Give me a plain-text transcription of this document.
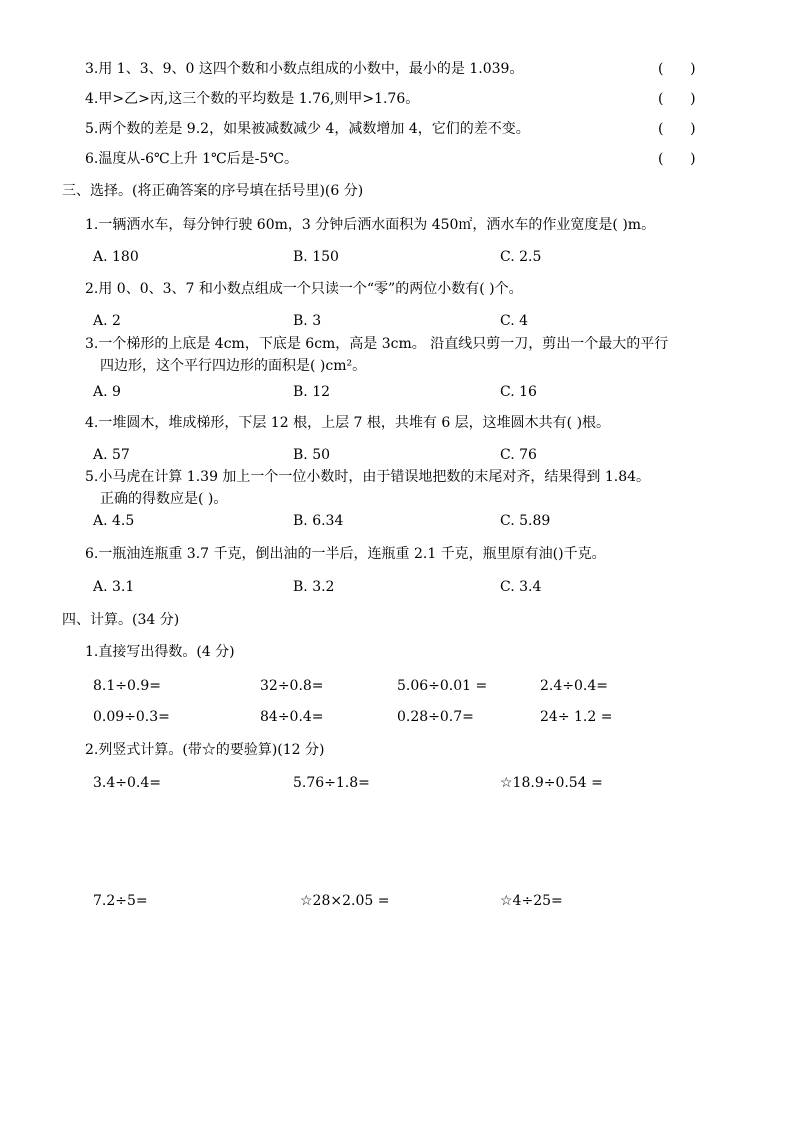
3.用 1、3、9、0 这四个数和小数点组成的小数中，最小的是 1.039。	(      )
4.甲>乙>丙,这三个数的平均数是 1.76,则甲>1.76。	(      )
5.两个数的差是 9.2，如果被减数减少 4，减数增加 4，它们的差不变。	(      )
6.温度从-6℃上升 1℃后是-5℃。	(      )
三、选择。(将正确答案的序号填在括号里)(6 分)
1.一辆洒水车，每分钟行驶 60m，3 分钟后洒水面积为 450㎡，洒水车的作业宽度是( )m。
A. 180	B. 150	C. 2.5
2.用 0、0、3、7 和小数点组成一个只读一个“零”的两位小数有( )个。
A. 2	B. 3	C. 4
3.一个梯形的上底是 4cm，下底是 6cm，高是 3cm。 沿直线只剪一刀，剪出一个最大的平行
四边形，这个平行四边形的面积是( )cm²。
A. 9	B. 12	C. 16
4.一堆圆木，堆成梯形，下层 12 根，上层 7 根，共堆有 6 层，这堆圆木共有( )根。
A. 57	B. 50	C. 76
5.小马虎在计算 1.39 加上一个一位小数时，由于错误地把数的末尾对齐，结果得到 1.84。
正确的得数应是( )。
A. 4.5	B. 6.34	C. 5.89
6.一瓶油连瓶重 3.7 千克，倒出油的一半后，连瓶重 2.1 千克，瓶里原有油()千克。
A. 3.1	B. 3.2	C. 3.4
四、计算。(34 分)
1.直接写出得数。(4 分)
8.1÷0.9=	32÷0.8=	5.06÷0.01 =	2.4÷0.4=
0.09÷0.3=	84÷0.4=	0.28÷0.7=	24÷ 1.2 =
2.列竖式计算。(带☆的要验算)(12 分)
3.4÷0.4=	5.76÷1.8=	☆18.9÷0.54 =
7.2÷5=	☆28×2.05 =	☆4÷25=
